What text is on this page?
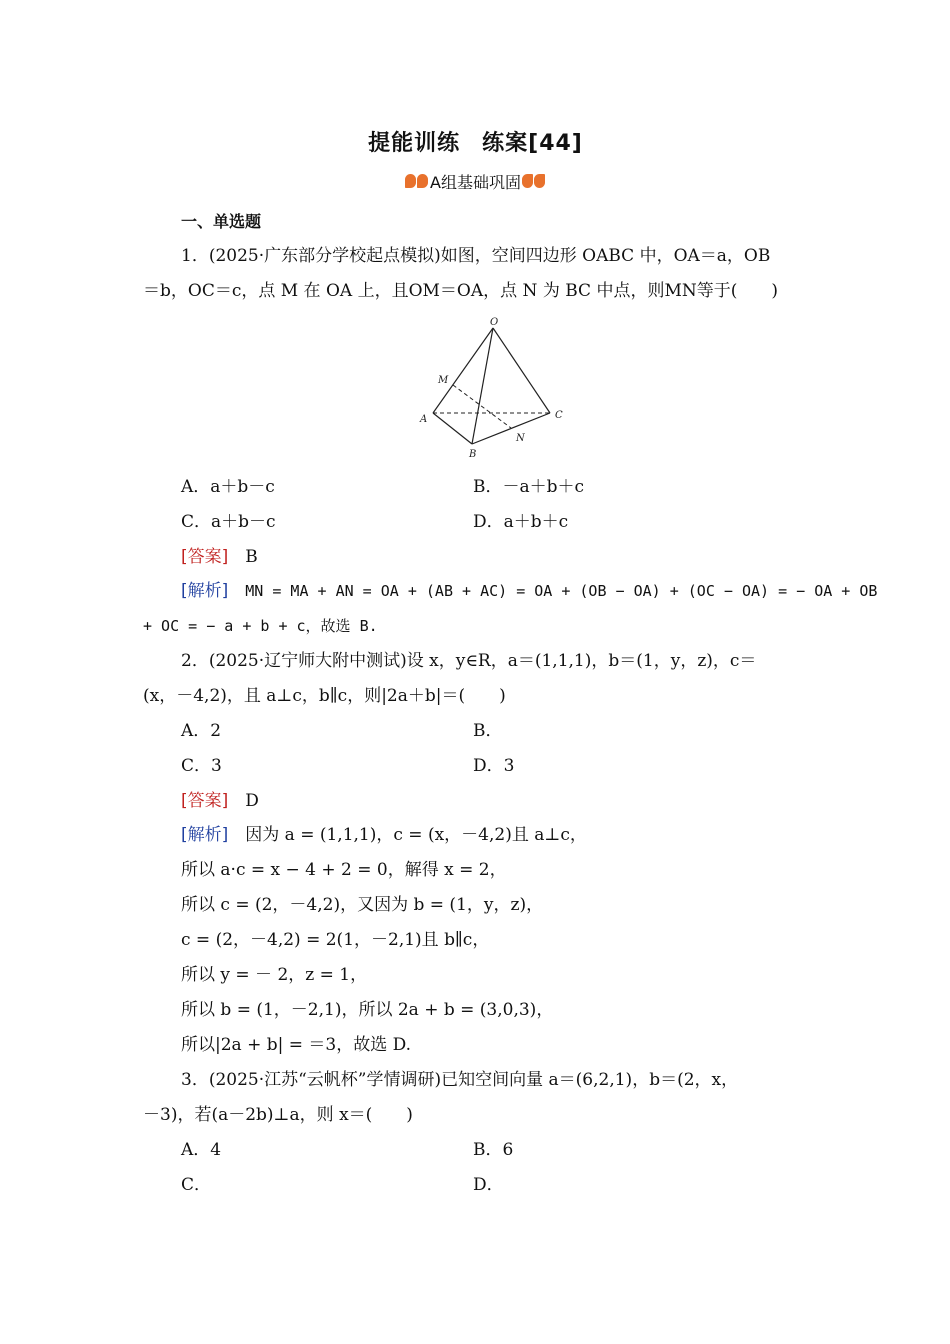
提能训练 练案[44]
A组基础巩固
一、单选题
1．(2025·广东部分学校起点模拟)如图，空间四边形 OABC 中，OA＝a，OB
＝b，OC＝c，点 M 在 OA 上，且OM＝OA，点 N 为 BC 中点，则MN等于(　　)
O
M
A
B
C
N
A．a＋b－c	B．－a＋b＋c
C．a＋b－c	D．a＋b＋c
[答案]　 B
[解析]　 MN = MA + AN = OA + (AB + AC) = OA + (OB − OA) + (OC − OA) = − OA + OB
+ OC = − a + b + c，故选 B.
2．(2025·辽宁师大附中测试)设 x，y∈R，a＝(1,1,1)，b＝(1，y，z)，c＝
(x，－4,2)，且 a⊥c，b∥c，则|2a＋b|＝(　　)
A．2	B．
C．3	D．3
[答案]　 D
[解析]　 因为 a = (1,1,1)，c = (x，－4,2)且 a⊥c，
所以 a·c = x − 4 + 2 = 0，解得 x = 2，
所以 c = (2，－4,2)，又因为 b = (1，y，z)，
c = (2，－4,2) = 2(1，－2,1)且 b∥c，
所以 y = － 2，z = 1，
所以 b = (1，－2,1)，所以 2a + b = (3,0,3)，
所以|2a + b| = ＝3，故选 D.
3．(2025·江苏“云帆杯”学情调研)已知空间向量 a＝(6,2,1)，b＝(2，x，
－3)，若(a－2b)⊥a，则 x＝(　　)
A．4	B．6
C．	D．
